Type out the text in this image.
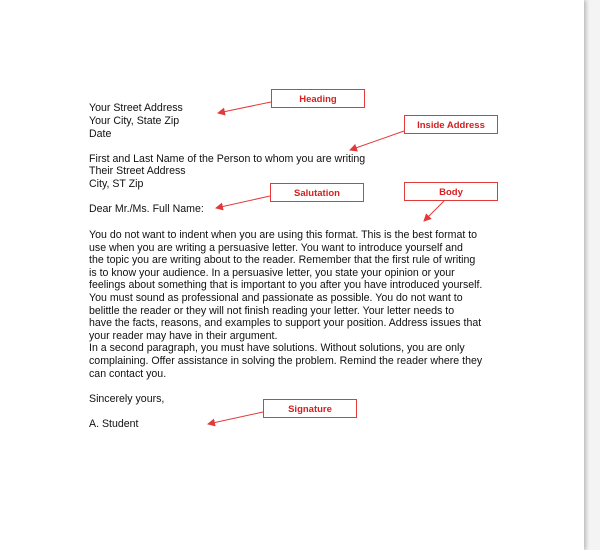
Your Street Address
Your City, State Zip
Date
First and Last Name of the Person to whom you are writing
Their Street Address
City, ST Zip
Dear Mr./Ms. Full Name:
You do not want to indent when you are using this format. This is the best format to
use when you are writing a persuasive letter. You want to introduce yourself and
the topic you are writing about to the reader. Remember that the first rule of writing
is to know your audience. In a persuasive letter, you state your opinion or your
feelings about something that is important to you after you have introduced yourself.
You must sound as professional and passionate as possible. You do not want to
belittle the reader or they will not finish reading your letter. Your letter needs to
have the facts, reasons, and examples to support your position. Address issues that
your reader may have in their argument.
In a second paragraph, you must have solutions. Without solutions, you are only
complaining. Offer assistance in solving the problem. Remind the reader where they
can contact you.
Sincerely yours,
A. Student
Heading
Inside Address
Salutation	Body
Signature
